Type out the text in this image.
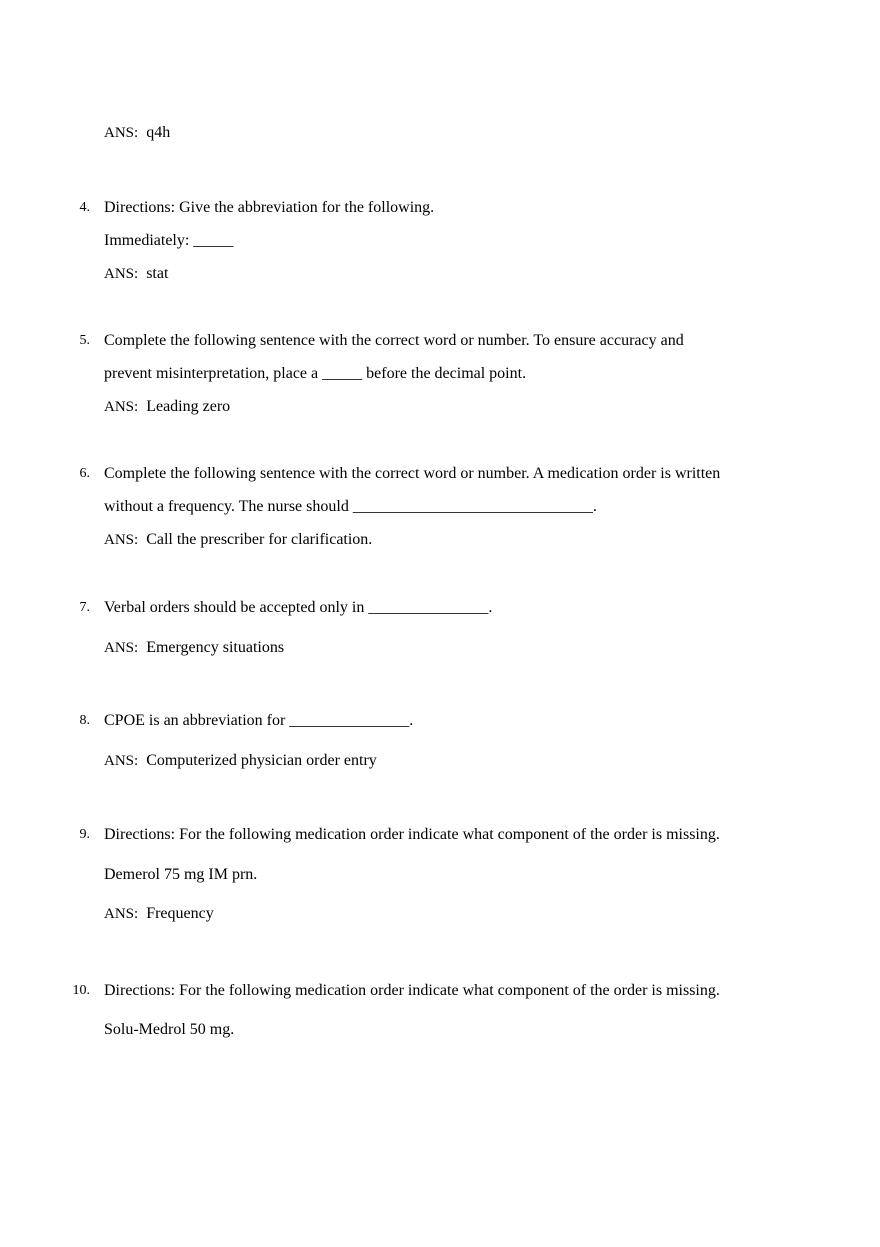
ANS: q4h
4. Directions: Give the abbreviation for the following.
Immediately: _____
ANS: stat
5. Complete the following sentence with the correct word or number. To ensure accuracy and
prevent misinterpretation, place a _____ before the decimal point.
ANS: Leading zero
6. Complete the following sentence with the correct word or number. A medication order is written
without a frequency. The nurse should ______________________________.
ANS: Call the prescriber for clarification.
7. Verbal orders should be accepted only in _______________.
ANS: Emergency situations
8. CPOE is an abbreviation for _______________.
ANS: Computerized physician order entry
9. Directions: For the following medication order indicate what component of the order is missing.
Demerol 75 mg IM prn.
ANS: Frequency
10. Directions: For the following medication order indicate what component of the order is missing.
Solu-Medrol 50 mg.
